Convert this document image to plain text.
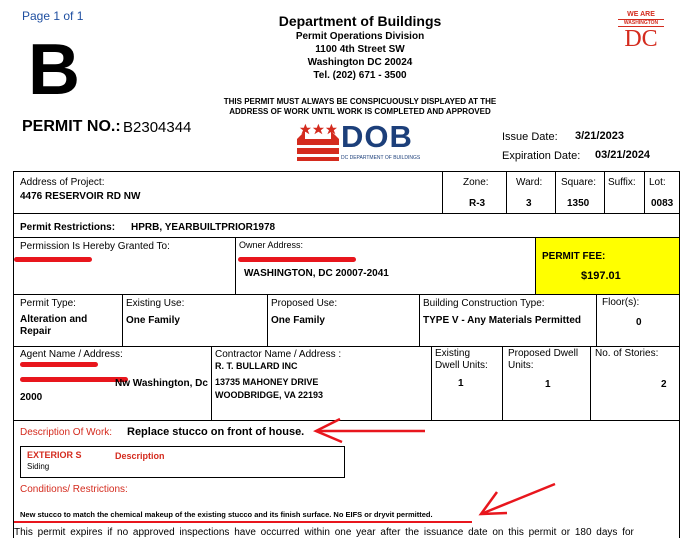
Page 1 of 1
B
PERMIT NO.: B2304344
Department of Buildings
Permit Operations Division
1100 4th Street SW
Washington DC 20024
Tel. (202) 671 - 3500
THIS PERMIT MUST ALWAYS BE CONSPICUOUSLY DISPLAYED AT THE
ADDRESS OF WORK UNTIL WORK IS COMPLETED AND APPROVED
DOB
DC DEPARTMENT OF BUILDINGS
WE ARE
WASHINGTON
DC
Issue Date: 3/21/2023
Expiration Date: 03/21/2024
Address of Project:
4476 RESERVOIR RD NW
Zone:
R-3
Ward:
3
Square:
1350
Suffix: Lot:
0083
Permit Restrictions: HPRB, YEARBUILTPRIOR1978
Permission Is Hereby Granted To:	Owner Address:
WASHINGTON, DC 20007-2041
PERMIT FEE:
$197.01
Permit Type:
Alteration and
Repair
Existing Use:
One Family
Proposed Use:
One Family
Building Construction Type:
TYPE V - Any Materials Permitted
Floor(s):
0
Agent Name / Address:
Nw Washington, Dc
2000
Contractor Name / Address :
R. T. BULLARD INC
13735 MAHONEY DRIVE
WOODBRIDGE, VA 22193
Existing Dwell Units:
1
Proposed Dwell Units:
1
No. of Stories:
2
Description Of Work: Replace stucco on front of house.
EXTERIOR S	Description
Siding
Conditions/ Restrictions:
New stucco to match the chemical makeup of the existing stucco and its finish surface. No EIFS or dryvit permitted.
This permit expires if no approved inspections have occurred within one year after the issuance date on this permit or 180 days for
